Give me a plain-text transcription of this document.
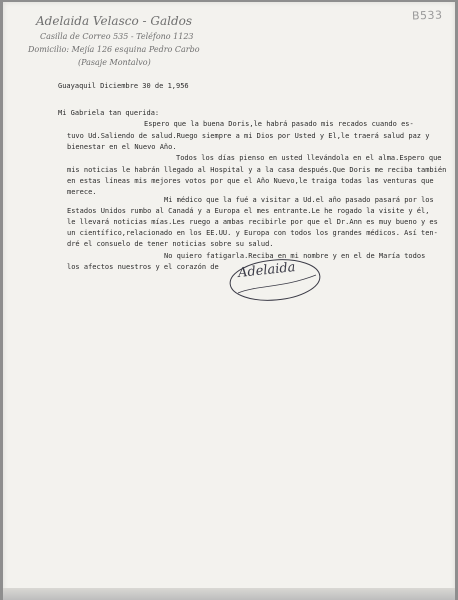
B533
Adelaida Velasco - Galdos
Casilla de Correo 535 - Teléfono 1123
Domicilio: Mejía 126 esquina Pedro Carbo
(Pasaje Montalvo)
Guayaquil Diciembre 30 de 1,956
Mi Gabriela tan querida:
Espero que la buena Doris,le habrá pasado mis recados cuando es-
tuvo Ud.Saliendo de salud.Ruego siempre a mi Dios por Usted y El,le traerá salud paz y
bienestar en el Nuevo Año.
Todos los días pienso en usted llevándola en el alma.Espero que
mis noticias le habrán llegado al Hospital y a la casa después.Que Doris me reciba también
en estas líneas mis mejores votos por que el Año Nuevo,le traiga todas las venturas que
merece.
Mi médico que la fué a visitar a Ud.el año pasado pasará por los
Estados Unidos rumbo al Canadá y a Europa el mes entrante.Le he rogado la visite y él,
le llevará noticias mías.Les ruego a ambas recibirle por que el Dr.Ann es muy bueno y es
un científico,relacionado en los EE.UU. y Europa con todos los grandes médicos. Así ten-
dré el consuelo de tener noticias sobre su salud.
No quiero fatigarla.Reciba en mi nombre y en el de María todos
los afectos nuestros y el corazón de Adelaida
